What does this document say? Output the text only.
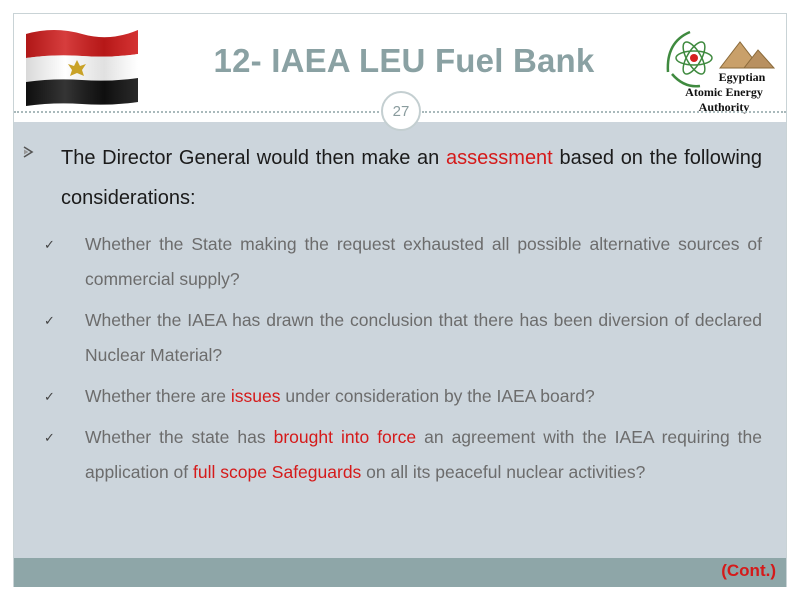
12- IAEA LEU Fuel Bank	Egyptian
Atomic Energy Authority
27
(Cont.)

The Director General would then make an assessment based on the following considerations:

✓ Whether the State making the request exhausted all possible alternative sources of commercial supply?

✓ Whether the IAEA has drawn the conclusion that there has been diversion of declared Nuclear Material?

✓ Whether there are issues under consideration by the IAEA board?

✓ Whether the state has brought into force an agreement with the IAEA requiring the application of full scope Safeguards on all its peaceful nuclear activities?
